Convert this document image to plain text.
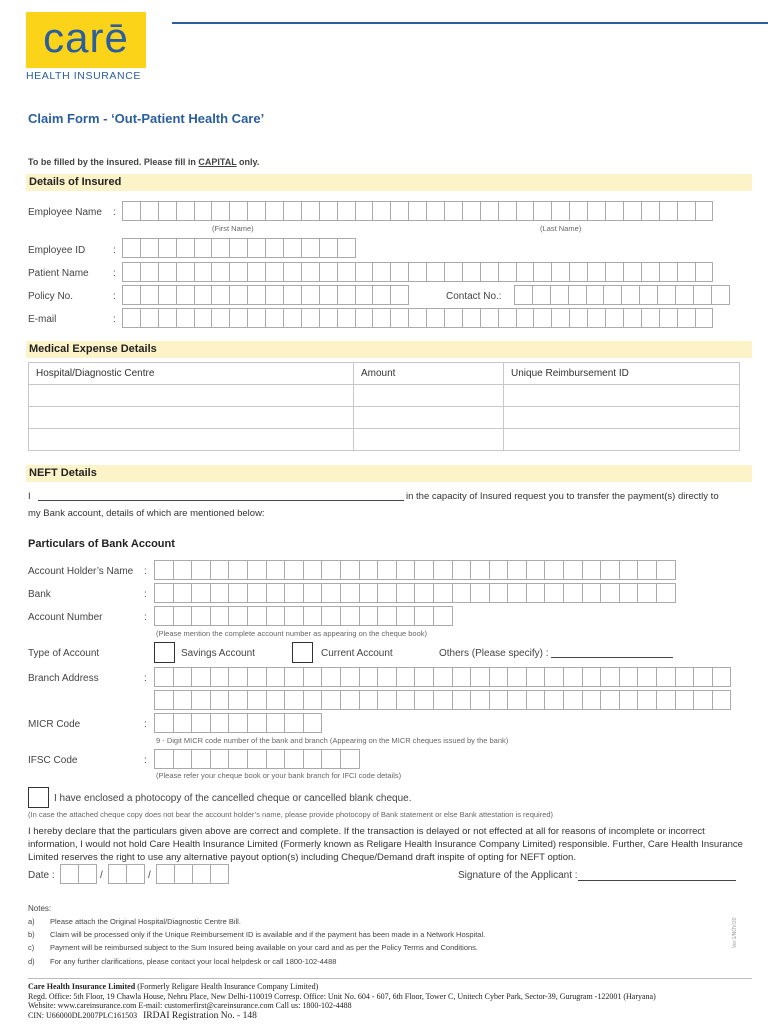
carē
HEALTH INSURANCE
Claim Form - ‘Out-Patient Health Care’
To be filled by the insured. Please fill in CAPITAL only.
Details of Insured
Employee Name :
(First Name)	(Last Name)
Employee ID	:
Patient Name :
Policy No.	:	Contact No.:
E-mail	:
Medical Expense Details
Hospital/Diagnostic Centre	Amount	Unique Reimbursement ID

NEFT Details
I	in the capacity of Insured request you to transfer the payment(s) directly to
my Bank account, details of which are mentioned below:
Particulars of Bank Account
Account Holder’s Name :
Bank	:
Account Number	:
(Please mention the complete account number as appearing on the cheque book)
Type of Account	Savings Account	Current Account	Others (Please specify) :
Branch Address	:
MICR Code	:
9 - Digit MICR code number of the bank and branch (Appearing on the MICR cheques issued by the bank)
IFSC Code	:
(Please refer your cheque book or your bank branch for IFCI code details)
I have enclosed a photocopy of the cancelled cheque or cancelled blank cheque.
(In case the attached cheque copy does not bear the account holder’s name, please provide photocopy of Bank statement or else Bank attestation is required)
I hereby declare that the particulars given above are correct and complete. If the transaction is delayed or not effected at all for reasons of incomplete or incorrect information, I would not hold Care Health Insurance Limited (Formerly known as Religare Health Insurance Company Limited) responsible. Further, Care Health Insurance Limited reserves the right to use any alternative payout option(s) including Cheque/Demand draft inspite of opting for NEFT option.
Date :	/	/	Signature of the Applicant :
Notes:
a) Please attach the Original Hospital/Diagnostic Centre Bill.
b) Claim will be processed only if the Unique Reimbursement ID is available and if the payment has been made in a Network Hospital.
c) Payment will be reimbursed subject to the Sum Insured being available on your card and as per the Policy Terms and Conditions.
d) For any further clarifications, please contact your local helpdesk or call 1800-102-4488
Ver.1/NOV/20
Care Health Insurance Limited (Formerly Religare Health Insurance Company Limited)
Regd. Office: 5th Floor, 19 Chawla House, Nehru Place, New Delhi-110019 Corresp. Office: Unit No. 604 - 607, 6th Floor, Tower C, Unitech Cyber Park, Sector-39, Gurugram -122001 (Haryana)
Website: www.careinsurance.com E-mail: customerfirst@careinsurance.com Call us: 1800-102-4488
CIN: U66000DL2007PLC161503 IRDAI Registration No. - 148
